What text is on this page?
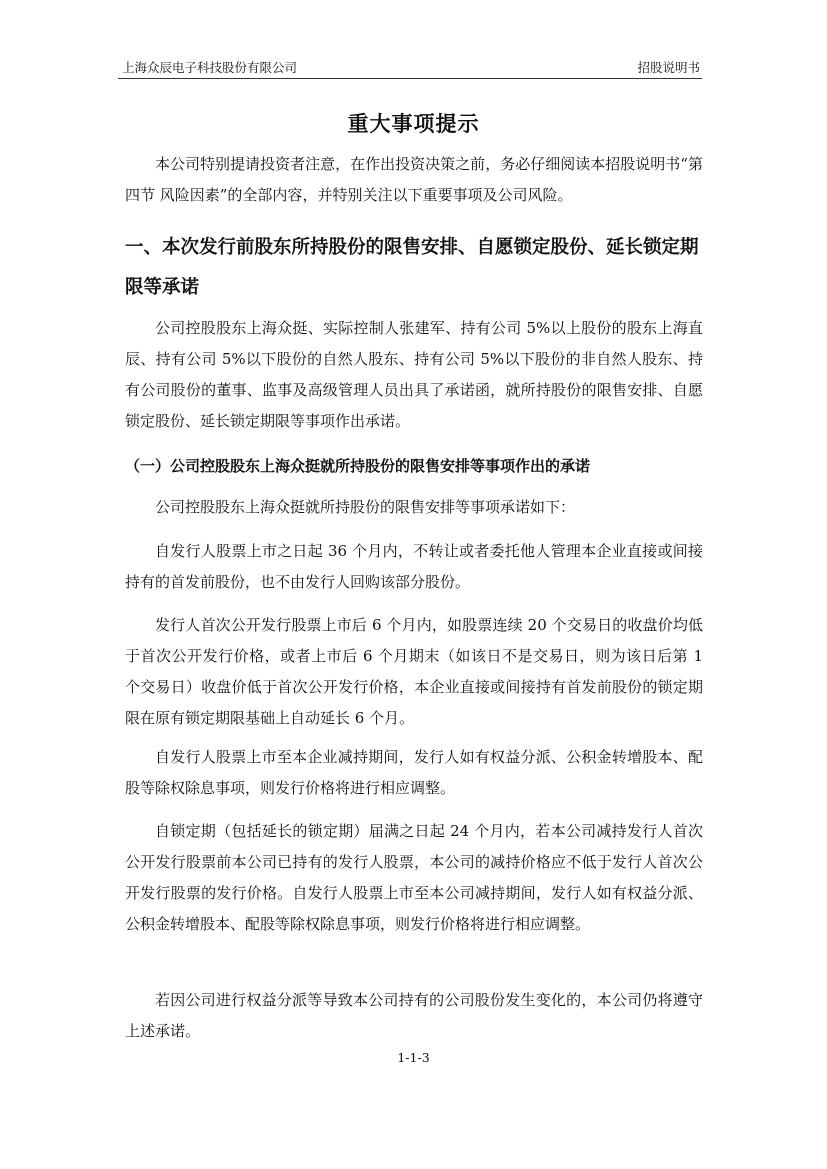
上海众辰电子科技股份有限公司	招股说明书
重大事项提示

本公司特别提请投资者注意，在作出投资决策之前，务必仔细阅读本招股说明书“第四节 风险因素”的全部内容，并特别关注以下重要事项及公司风险。

一、本次发行前股东所持股份的限售安排、自愿锁定股份、延长锁定期限等承诺

公司控股股东上海众挺、实际控制人张建军、持有公司 5%以上股份的股东上海直辰、持有公司 5%以下股份的自然人股东、持有公司 5%以下股份的非自然人股东、持有公司股份的董事、监事及高级管理人员出具了承诺函，就所持股份的限售安排、自愿锁定股份、延长锁定期限等事项作出承诺。

（一）公司控股股东上海众挺就所持股份的限售安排等事项作出的承诺

公司控股股东上海众挺就所持股份的限售安排等事项承诺如下：

自发行人股票上市之日起 36 个月内，不转让或者委托他人管理本企业直接或间接持有的首发前股份，也不由发行人回购该部分股份。

发行人首次公开发行股票上市后 6 个月内，如股票连续 20 个交易日的收盘价均低于首次公开发行价格，或者上市后 6 个月期末（如该日不是交易日，则为该日后第 1 个交易日）收盘价低于首次公开发行价格，本企业直接或间接持有首发前股份的锁定期限在原有锁定期限基础上自动延长 6 个月。

自发行人股票上市至本企业减持期间，发行人如有权益分派、公积金转增股本、配股等除权除息事项，则发行价格将进行相应调整。

自锁定期（包括延长的锁定期）届满之日起 24 个月内，若本公司减持发行人首次公开发行股票前本公司已持有的发行人股票，本公司的减持价格应不低于发行人首次公开发行股票的发行价格。自发行人股票上市至本公司减持期间，发行人如有权益分派、公积金转增股本、配股等除权除息事项，则发行价格将进行相应调整。

若因公司进行权益分派等导致本公司持有的公司股份发生变化的，本公司仍将遵守上述承诺。

1-1-3
